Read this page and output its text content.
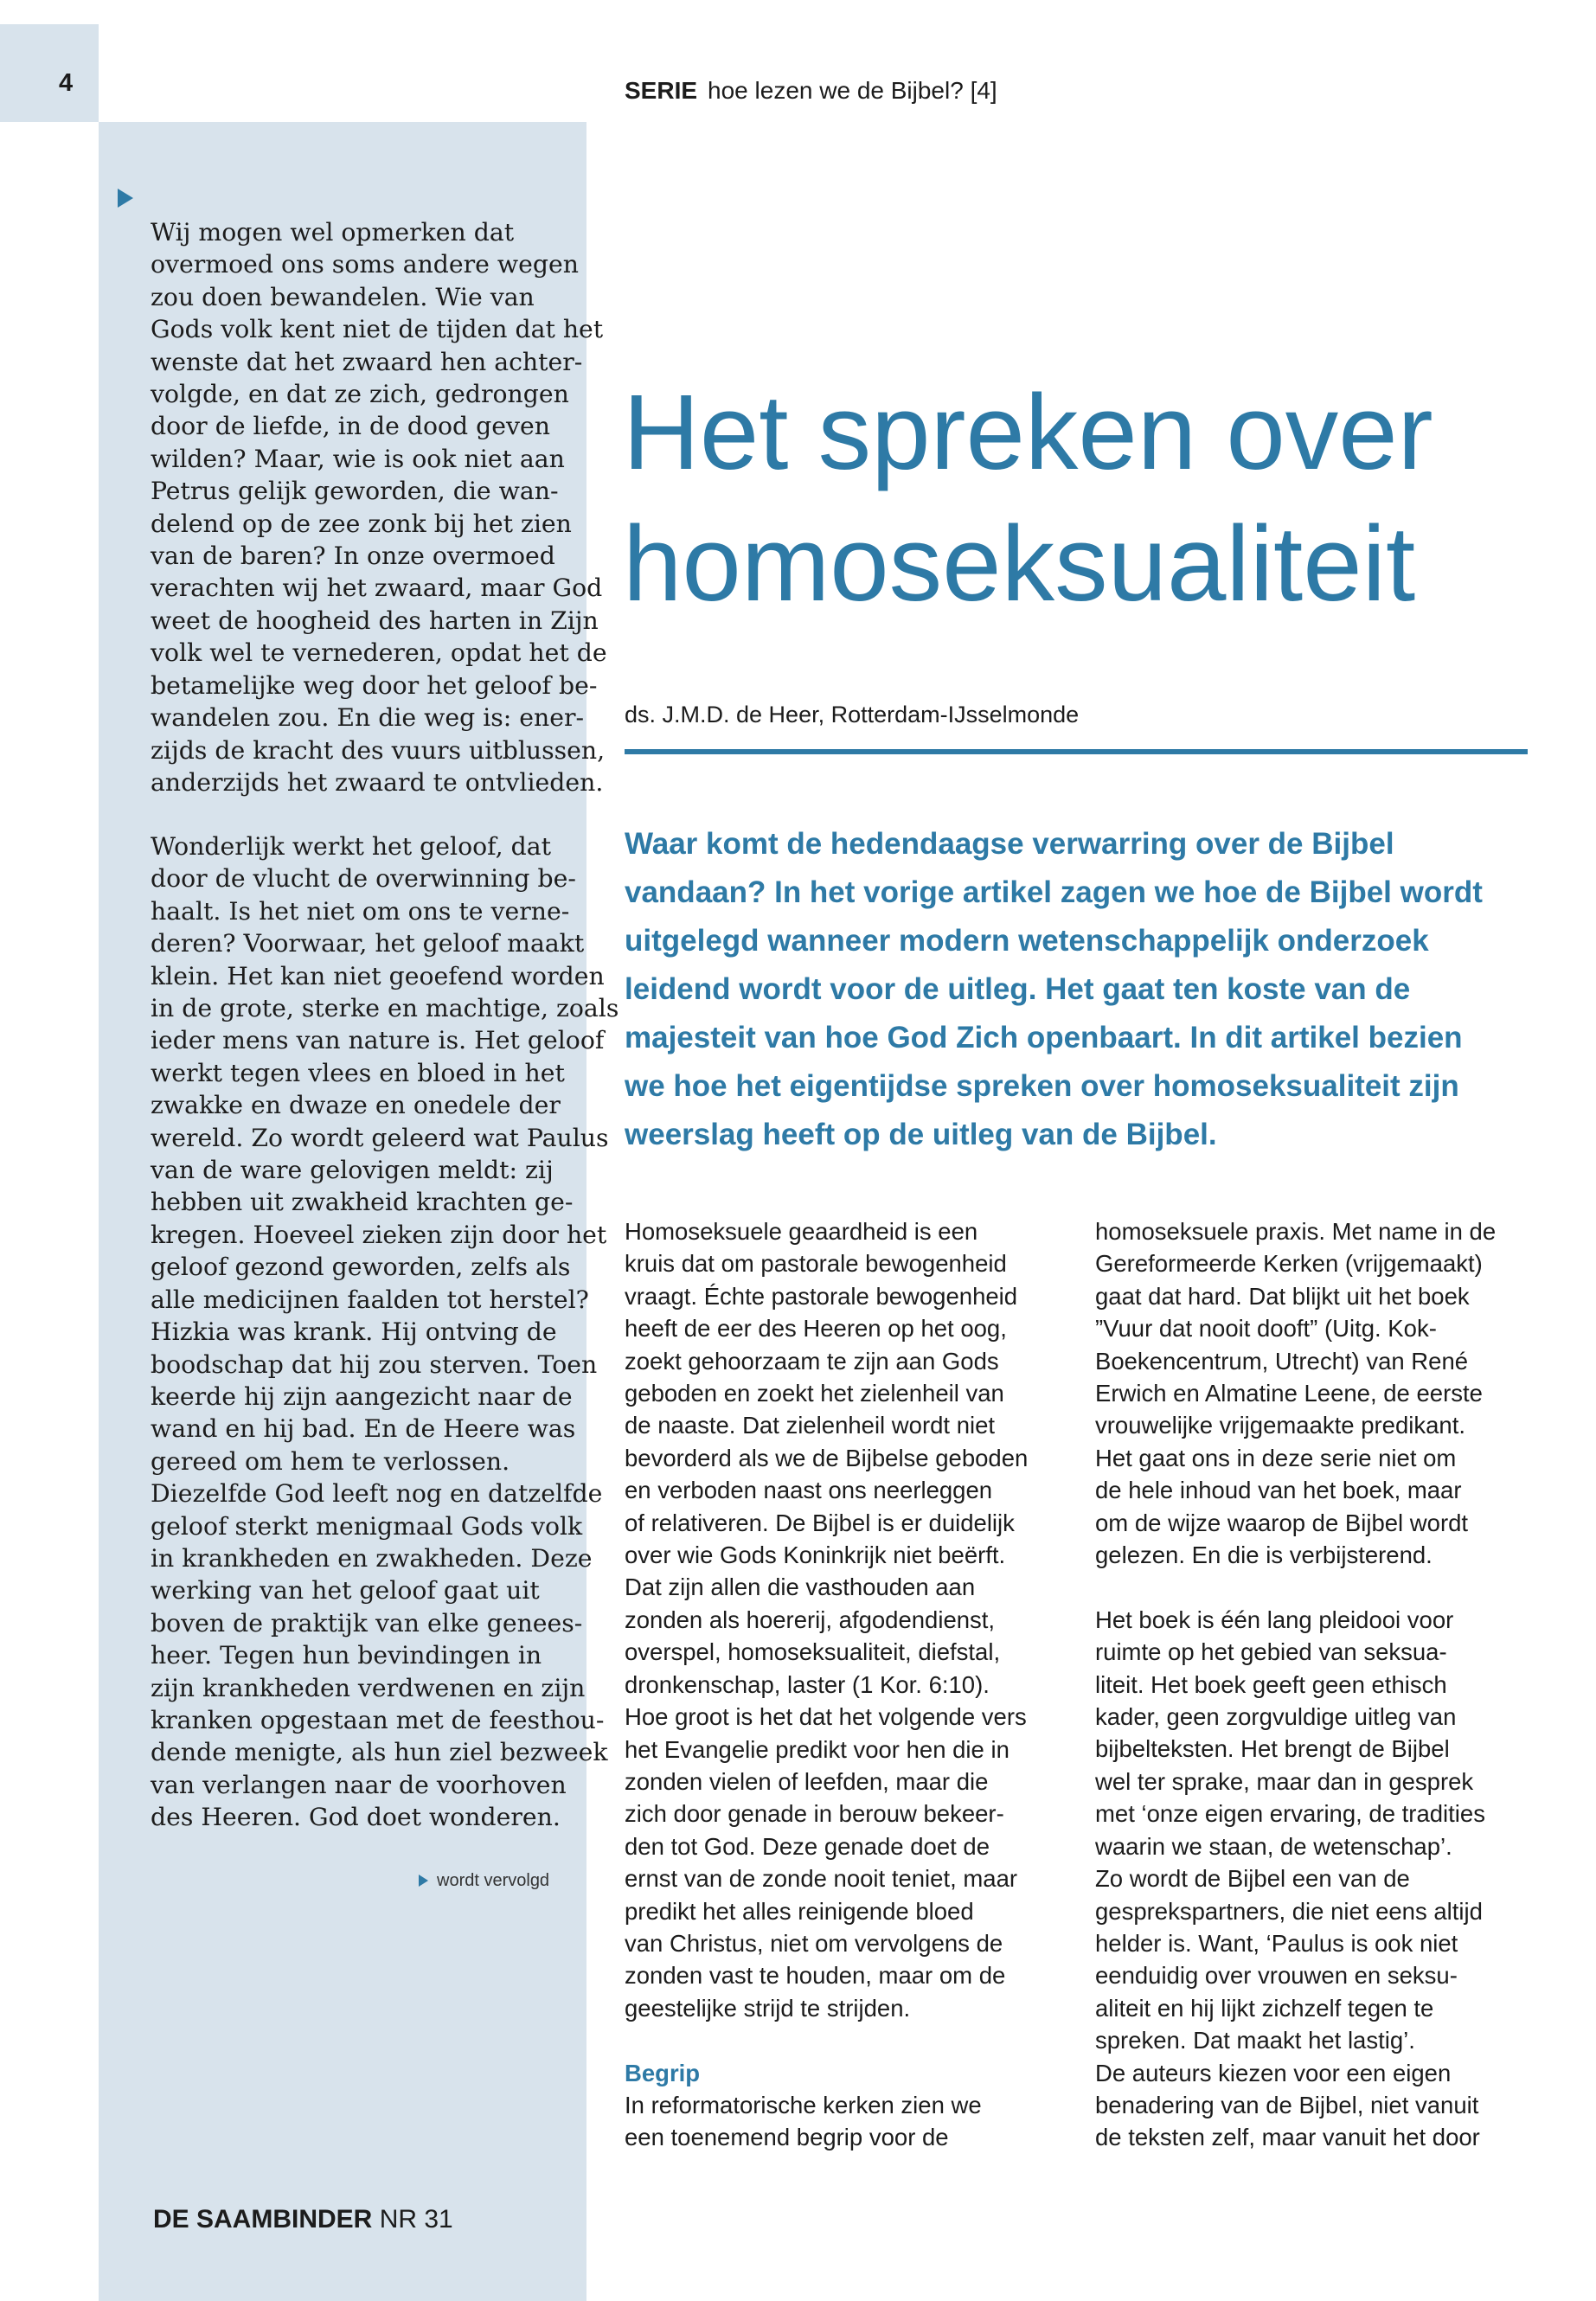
4
Wij mogen wel opmerken dat
overmoed ons soms andere wegen
zou doen bewandelen. Wie van
Gods volk kent niet de tijden dat het
wenste dat het zwaard hen achter-
volgde, en dat ze zich, gedrongen
door de liefde, in de dood geven
wilden? Maar, wie is ook niet aan
Petrus gelijk geworden, die wan-
delend op de zee zonk bij het zien
van de baren? In onze overmoed
verachten wij het zwaard, maar God
weet de hoogheid des harten in Zijn
volk wel te vernederen, opdat het de
betamelijke weg door het geloof be-
wandelen zou. En die weg is: ener-
zijds de kracht des vuurs uitblussen,
anderzijds het zwaard te ontvlieden.
Wonderlijk werkt het geloof, dat
door de vlucht de overwinning be-
haalt. Is het niet om ons te verne-
deren? Voorwaar, het geloof maakt
klein. Het kan niet geoefend worden
in de grote, sterke en machtige, zoals
ieder mens van nature is. Het geloof
werkt tegen vlees en bloed in het
zwakke en dwaze en onedele der
wereld. Zo wordt geleerd wat Paulus
van de ware gelovigen meldt: zij
hebben uit zwakheid krachten ge-
kregen. Hoeveel zieken zijn door het
geloof gezond geworden, zelfs als
alle medicijnen faalden tot herstel?
Hizkia was krank. Hij ontving de
boodschap dat hij zou sterven. Toen
keerde hij zijn aangezicht naar de
wand en hij bad. En de Heere was
gereed om hem te verlossen.
Diezelfde God leeft nog en datzelfde
geloof sterkt menigmaal Gods volk
in krankheden en zwakheden. Deze
werking van het geloof gaat uit
boven de praktijk van elke genees-
heer. Tegen hun bevindingen in
zijn krankheden verdwenen en zijn
kranken opgestaan met de feesthou-
dende menigte, als hun ziel bezweek
van verlangen naar de voorhoven
des Heeren. God doet wonderen.
wordt vervolgd
DE SAAMBINDER NR 31
SERIE hoe lezen we de Bijbel? [4]
Het spreken over
homoseksualiteit
ds. J.M.D. de Heer, Rotterdam-IJsselmonde
Waar komt de hedendaagse verwarring over de Bijbel
vandaan? In het vorige artikel zagen we hoe de Bijbel wordt
uitgelegd wanneer modern wetenschappelijk onderzoek
leidend wordt voor de uitleg. Het gaat ten koste van de
majesteit van hoe God Zich openbaart. In dit artikel bezien
we hoe het eigentijdse spreken over homoseksualiteit zijn
weerslag heeft op de uitleg van de Bijbel.
Homoseksuele geaardheid is een
kruis dat om pastorale bewogenheid
vraagt. Échte pastorale bewogenheid
heeft de eer des Heeren op het oog,
zoekt gehoorzaam te zijn aan Gods
geboden en zoekt het zielenheil van
de naaste. Dat zielenheil wordt niet
bevorderd als we de Bijbelse geboden
en verboden naast ons neerleggen
of relativeren. De Bijbel is er duidelijk
over wie Gods Koninkrijk niet beërft.
Dat zijn allen die vasthouden aan
zonden als hoererij, afgodendienst,
overspel, homoseksualiteit, diefstal,
dronkenschap, laster (1 Kor. 6:10).
Hoe groot is het dat het volgende vers
het Evangelie predikt voor hen die in
zonden vielen of leefden, maar die
zich door genade in berouw bekeer-
den tot God. Deze genade doet de
ernst van de zonde nooit teniet, maar
predikt het alles reinigende bloed
van Christus, niet om vervolgens de
zonden vast te houden, maar om de
geestelijke strijd te strijden.
Begrip
In reformatorische kerken zien we
een toenemend begrip voor de
homoseksuele praxis. Met name in de
Gereformeerde Kerken (vrijgemaakt)
gaat dat hard. Dat blijkt uit het boek
”Vuur dat nooit dooft” (Uitg. Kok-
Boekencentrum, Utrecht) van René
Erwich en Almatine Leene, de eerste
vrouwelijke vrijgemaakte predikant.
Het gaat ons in deze serie niet om
de hele inhoud van het boek, maar
om de wijze waarop de Bijbel wordt
gelezen. En die is verbijsterend.
Het boek is één lang pleidooi voor
ruimte op het gebied van seksua-
liteit. Het boek geeft geen ethisch
kader, geen zorgvuldige uitleg van
bijbelteksten. Het brengt de Bijbel
wel ter sprake, maar dan in gesprek
met ‘onze eigen ervaring, de tradities
waarin we staan, de wetenschap’.
Zo wordt de Bijbel een van de
gesprekspartners, die niet eens altijd
helder is. Want, ‘Paulus is ook niet
eenduidig over vrouwen en seksu-
aliteit en hij lijkt zichzelf tegen te
spreken. Dat maakt het lastig’.
De auteurs kiezen voor een eigen
benadering van de Bijbel, niet vanuit
de teksten zelf, maar vanuit het door
